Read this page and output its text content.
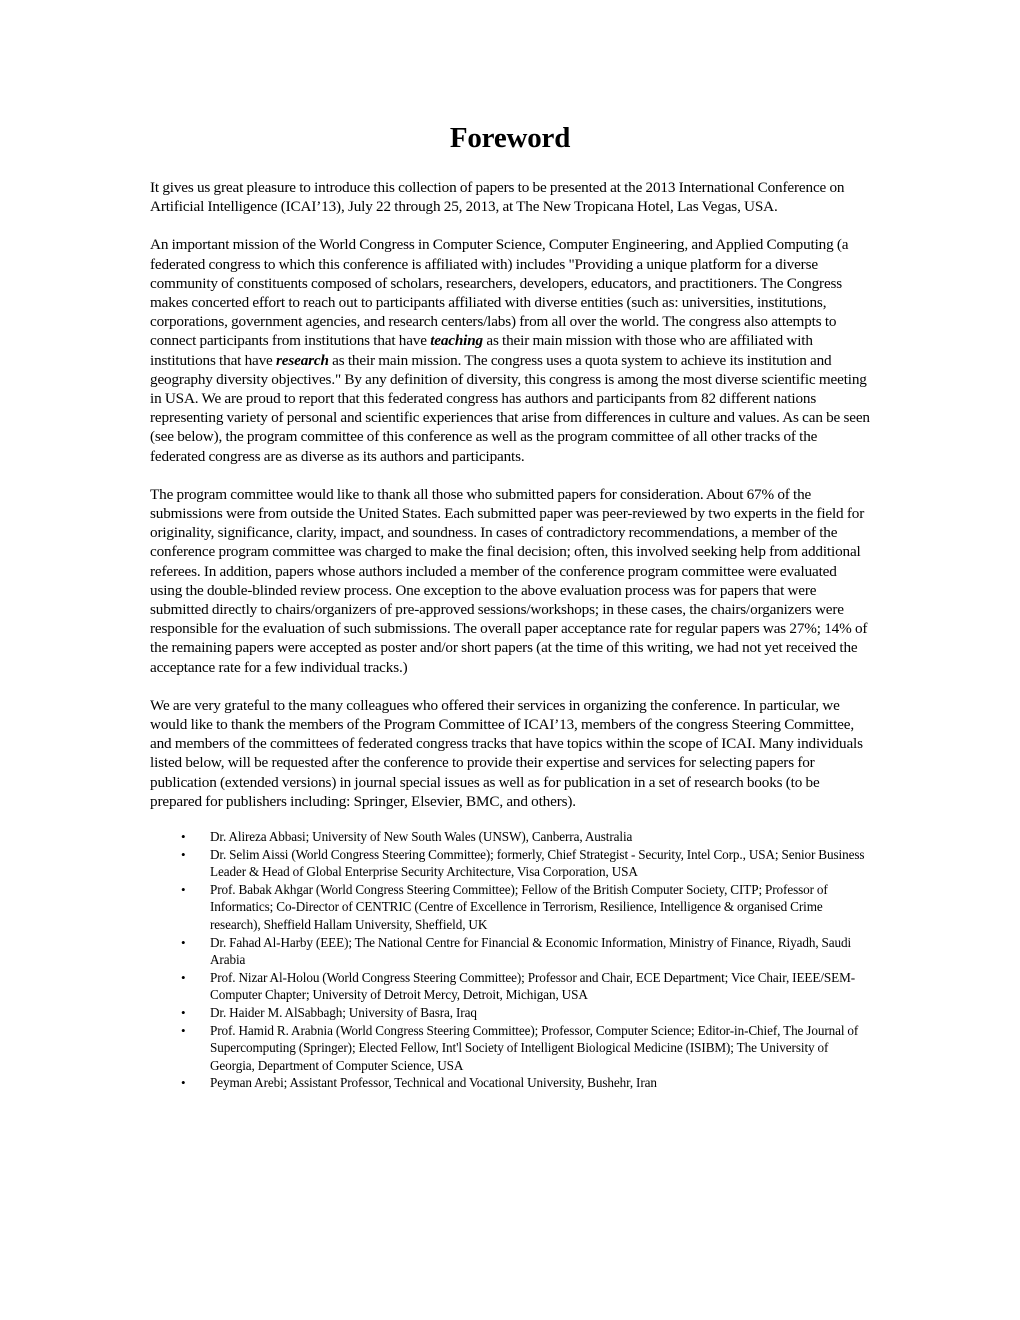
Foreword

It gives us great pleasure to introduce this collection of papers to be presented at the 2013 International Conference on Artificial Intelligence (ICAI’13), July 22 through 25, 2013, at The New Tropicana Hotel, Las Vegas, USA.

An important mission of the World Congress in Computer Science, Computer Engineering, and Applied Computing (a federated congress to which this conference is affiliated with) includes "Providing a unique platform for a diverse community of constituents composed of scholars, researchers, developers, educators, and practitioners. The Congress makes concerted effort to reach out to participants affiliated with diverse entities (such as: universities, institutions, corporations, government agencies, and research centers/labs) from all over the world. The congress also attempts to connect participants from institutions that have teaching as their main mission with those who are affiliated with institutions that have research as their main mission. The congress uses a quota system to achieve its institution and geography diversity objectives." By any definition of diversity, this congress is among the most diverse scientific meeting in USA. We are proud to report that this federated congress has authors and participants from 82 different nations representing variety of personal and scientific experiences that arise from differences in culture and values. As can be seen (see below), the program committee of this conference as well as the program committee of all other tracks of the federated congress are as diverse as its authors and participants.

The program committee would like to thank all those who submitted papers for consideration. About 67% of the submissions were from outside the United States. Each submitted paper was peer-reviewed by two experts in the field for originality, significance, clarity, impact, and soundness. In cases of contradictory recommendations, a member of the conference program committee was charged to make the final decision; often, this involved seeking help from additional referees. In addition, papers whose authors included a member of the conference program committee were evaluated using the double-blinded review process. One exception to the above evaluation process was for papers that were submitted directly to chairs/organizers of pre-approved sessions/workshops; in these cases, the chairs/organizers were responsible for the evaluation of such submissions. The overall paper acceptance rate for regular papers was 27%; 14% of the remaining papers were accepted as poster and/or short papers (at the time of this writing, we had not yet received the acceptance rate for a few individual tracks.)

We are very grateful to the many colleagues who offered their services in organizing the conference. In particular, we would like to thank the members of the Program Committee of ICAI’13, members of the congress Steering Committee, and members of the committees of federated congress tracks that have topics within the scope of ICAI. Many individuals listed below, will be requested after the conference to provide their expertise and services for selecting papers for publication (extended versions) in journal special issues as well as for publication in a set of research books (to be prepared for publishers including: Springer, Elsevier, BMC, and others).

• Dr. Alireza Abbasi; University of New South Wales (UNSW), Canberra, Australia
• Dr. Selim Aissi (World Congress Steering Committee); formerly, Chief Strategist - Security, Intel Corp., USA; Senior Business Leader & Head of Global Enterprise Security Architecture, Visa Corporation, USA
• Prof. Babak Akhgar (World Congress Steering Committee); Fellow of the British Computer Society, CITP; Professor of Informatics; Co-Director of CENTRIC (Centre of Excellence in Terrorism, Resilience, Intelligence & organised Crime research), Sheffield Hallam University, Sheffield, UK
• Dr. Fahad Al-Harby (EEE); The National Centre for Financial & Economic Information, Ministry of Finance, Riyadh, Saudi Arabia
• Prof. Nizar Al-Holou (World Congress Steering Committee); Professor and Chair, ECE Department; Vice Chair, IEEE/SEM-Computer Chapter; University of Detroit Mercy, Detroit, Michigan, USA
• Dr. Haider M. AlSabbagh; University of Basra, Iraq
• Prof. Hamid R. Arabnia (World Congress Steering Committee); Professor, Computer Science; Editor-in-Chief, The Journal of Supercomputing (Springer); Elected Fellow, Int'l Society of Intelligent Biological Medicine (ISIBM); The University of Georgia, Department of Computer Science, USA
• Peyman Arebi; Assistant Professor, Technical and Vocational University, Bushehr, Iran
